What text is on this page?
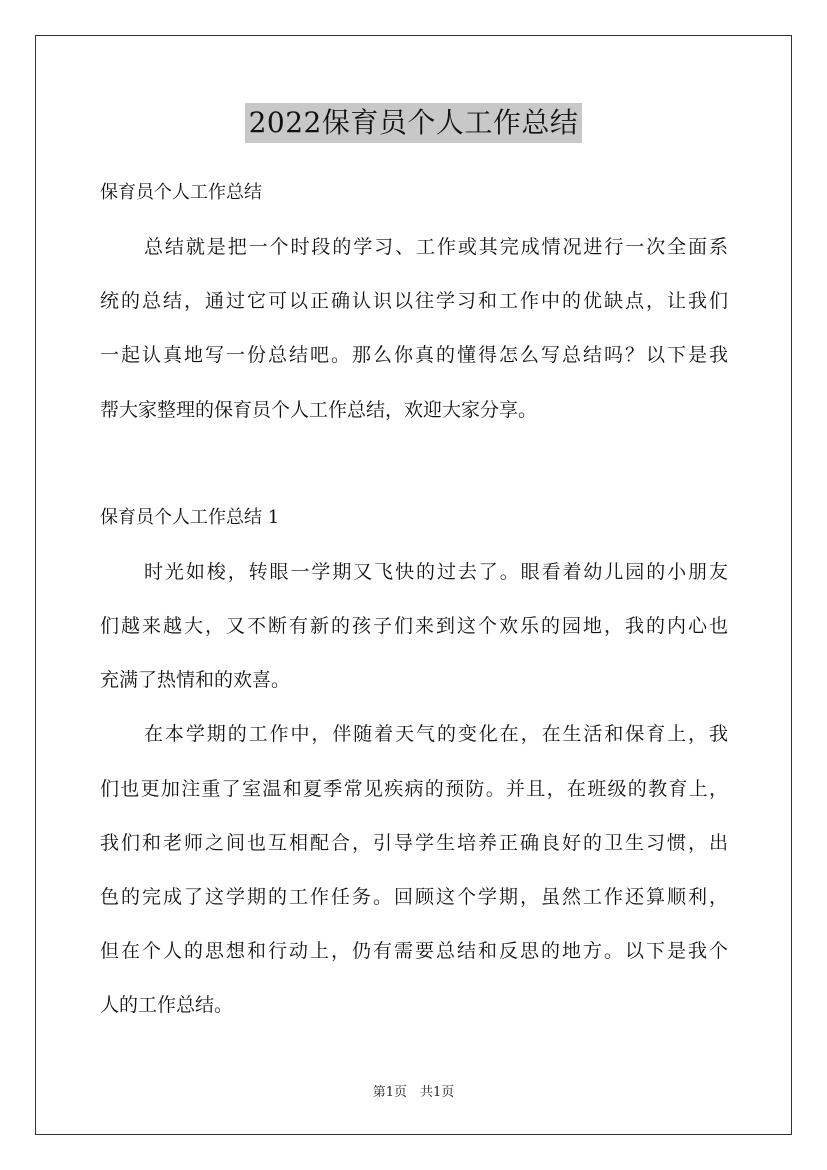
2022保育员个人工作总结
保育员个人工作总结
总结就是把一个时段的学习、工作或其完成情况进行一次全面系
统的总结，通过它可以正确认识以往学习和工作中的优缺点，让我们
一起认真地写一份总结吧。那么你真的懂得怎么写总结吗？以下是我
帮大家整理的保育员个人工作总结，欢迎大家分享。
保育员个人工作总结 1
时光如梭，转眼一学期又飞快的过去了。眼看着幼儿园的小朋友
们越来越大，又不断有新的孩子们来到这个欢乐的园地，我的内心也
充满了热情和的欢喜。
在本学期的工作中，伴随着天气的变化在，在生活和保育上，我
们也更加注重了室温和夏季常见疾病的预防。并且，在班级的教育上，
我们和老师之间也互相配合，引导学生培养正确良好的卫生习惯，出
色的完成了这学期的工作任务。回顾这个学期，虽然工作还算顺利，
但在个人的思想和行动上，仍有需要总结和反思的地方。以下是我个
人的工作总结。
第1页　共1页
